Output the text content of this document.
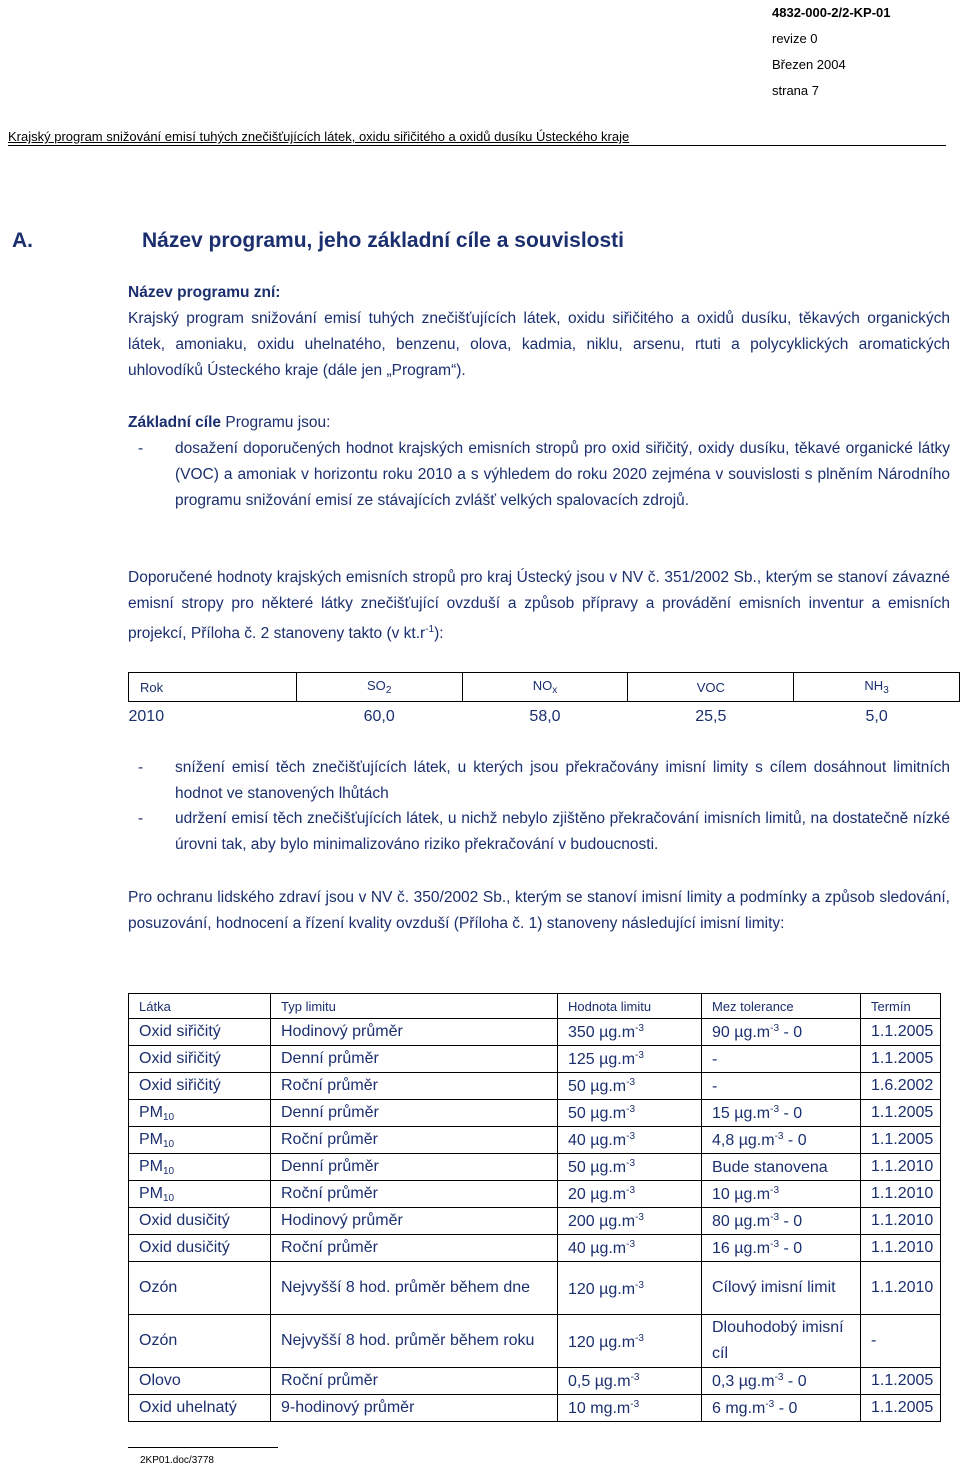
4832-000-2/2-KP-01
revize 0
Březen 2004
strana 7
Krajský program snižování emisí tuhých znečišťujících látek, oxidu siřičitého a oxidů dusíku Ústeckého kraje
A.	Název programu, jeho základní cíle a souvislosti
Název programu zní:
Krajský program snižování emisí tuhých znečišťujících látek, oxidu siřičitého a oxidů dusíku, těkavých organických látek, amoniaku, oxidu uhelnatého, benzenu, olova, kadmia, niklu, arsenu, rtuti a polycyklických aromatických uhlovodíků Ústeckého kraje (dále jen „Program“).
Základní cíle Programu jsou:
- dosažení doporučených hodnot krajských emisních stropů pro oxid siřičitý, oxidy dusíku, těkavé organické látky (VOC) a amoniak v horizontu roku 2010 a s výhledem do roku 2020 zejména v souvislosti s plněním Národního programu snižování emisí ze stávajících zvlášť velkých spalovacích zdrojů.
Doporučené hodnoty krajských emisních stropů pro kraj Ústecký jsou v NV č. 351/2002 Sb., kterým se stanoví závazné emisní stropy pro některé látky znečišťující ovzduší a způsob přípravy a provádění emisních inventur a emisních projekcí, Příloha č. 2 stanoveny takto (v $kt.r^{-1}$):
Rok	$SO_2$	$NO_x$	VOC	$NH_3$
2010	60,0	58,0	25,5	5,0
- snížení emisí těch znečišťujících látek, u kterých jsou překračovány imisní limity s cílem dosáhnout limitních hodnot ve stanovených lhůtách
- udržení emisí těch znečišťujících látek, u nichž nebylo zjištěno překračování imisních limitů, na dostatečně nízké úrovni tak, aby bylo minimalizováno riziko překračování v budoucnosti.
Pro ochranu lidského zdraví jsou v NV č. 350/2002 Sb., kterým se stanoví imisní limity a podmínky a způsob sledování, posuzování, hodnocení a řízení kvality ovzduší (Příloha č. 1) stanoveny následující imisní limity:
Látka	Typ limitu	Hodnota limitu	Mez tolerance	Termín
Oxid siřičitý	Hodinový průměr	350 $\mu g.m^{-3}$	90 $\mu g.m^{-3} - 0$	1.1.2005
Oxid siřičitý	Denní průměr	125 $\mu g.m^{-3}$	-	1.1.2005
Oxid siřičitý	Roční průměr	50 $\mu g.m^{-3}$	-	1.6.2002
$PM_{10}$	Denní průměr	50 $\mu g.m^{-3}$	15 $\mu g.m^{-3} - 0$	1.1.2005
$PM_{10}$	Roční průměr	40 $\mu g.m^{-3}$	4,8 $\mu g.m^{-3} - 0$	1.1.2005
$PM_{10}$	Denní průměr	50 $\mu g.m^{-3}$	Bude stanovena	1.1.2010
$PM_{10}$	Roční průměr	20 $\mu g.m^{-3}$	10 $\mu g.m^{-3}$	1.1.2010
Oxid dusičitý	Hodinový průměr	200 $\mu g.m^{-3}$	80 $\mu g.m^{-3} - 0$	1.1.2010
Oxid dusičitý	Roční průměr	40 $\mu g.m^{-3}$	16 $\mu g.m^{-3} - 0$	1.1.2010
Ozón	Nejvyšší 8 hod. průměr během dne	120 $\mu g.m^{-3}$	Cílový imisní limit	1.1.2010
Ozón	Nejvyšší 8 hod. průměr během roku	120 $\mu g.m^{-3}$	Dlouhodobý imisní cíl	-
Olovo	Roční průměr	0,5 $\mu g.m^{-3}$	0,3 $\mu g.m^{-3} - 0$	1.1.2005
Oxid uhelnatý	9-hodinový průměr	10 $mg.m^{-3}$	6 $mg.m^{-3} - 0$	1.1.2005
2KP01.doc/3778
